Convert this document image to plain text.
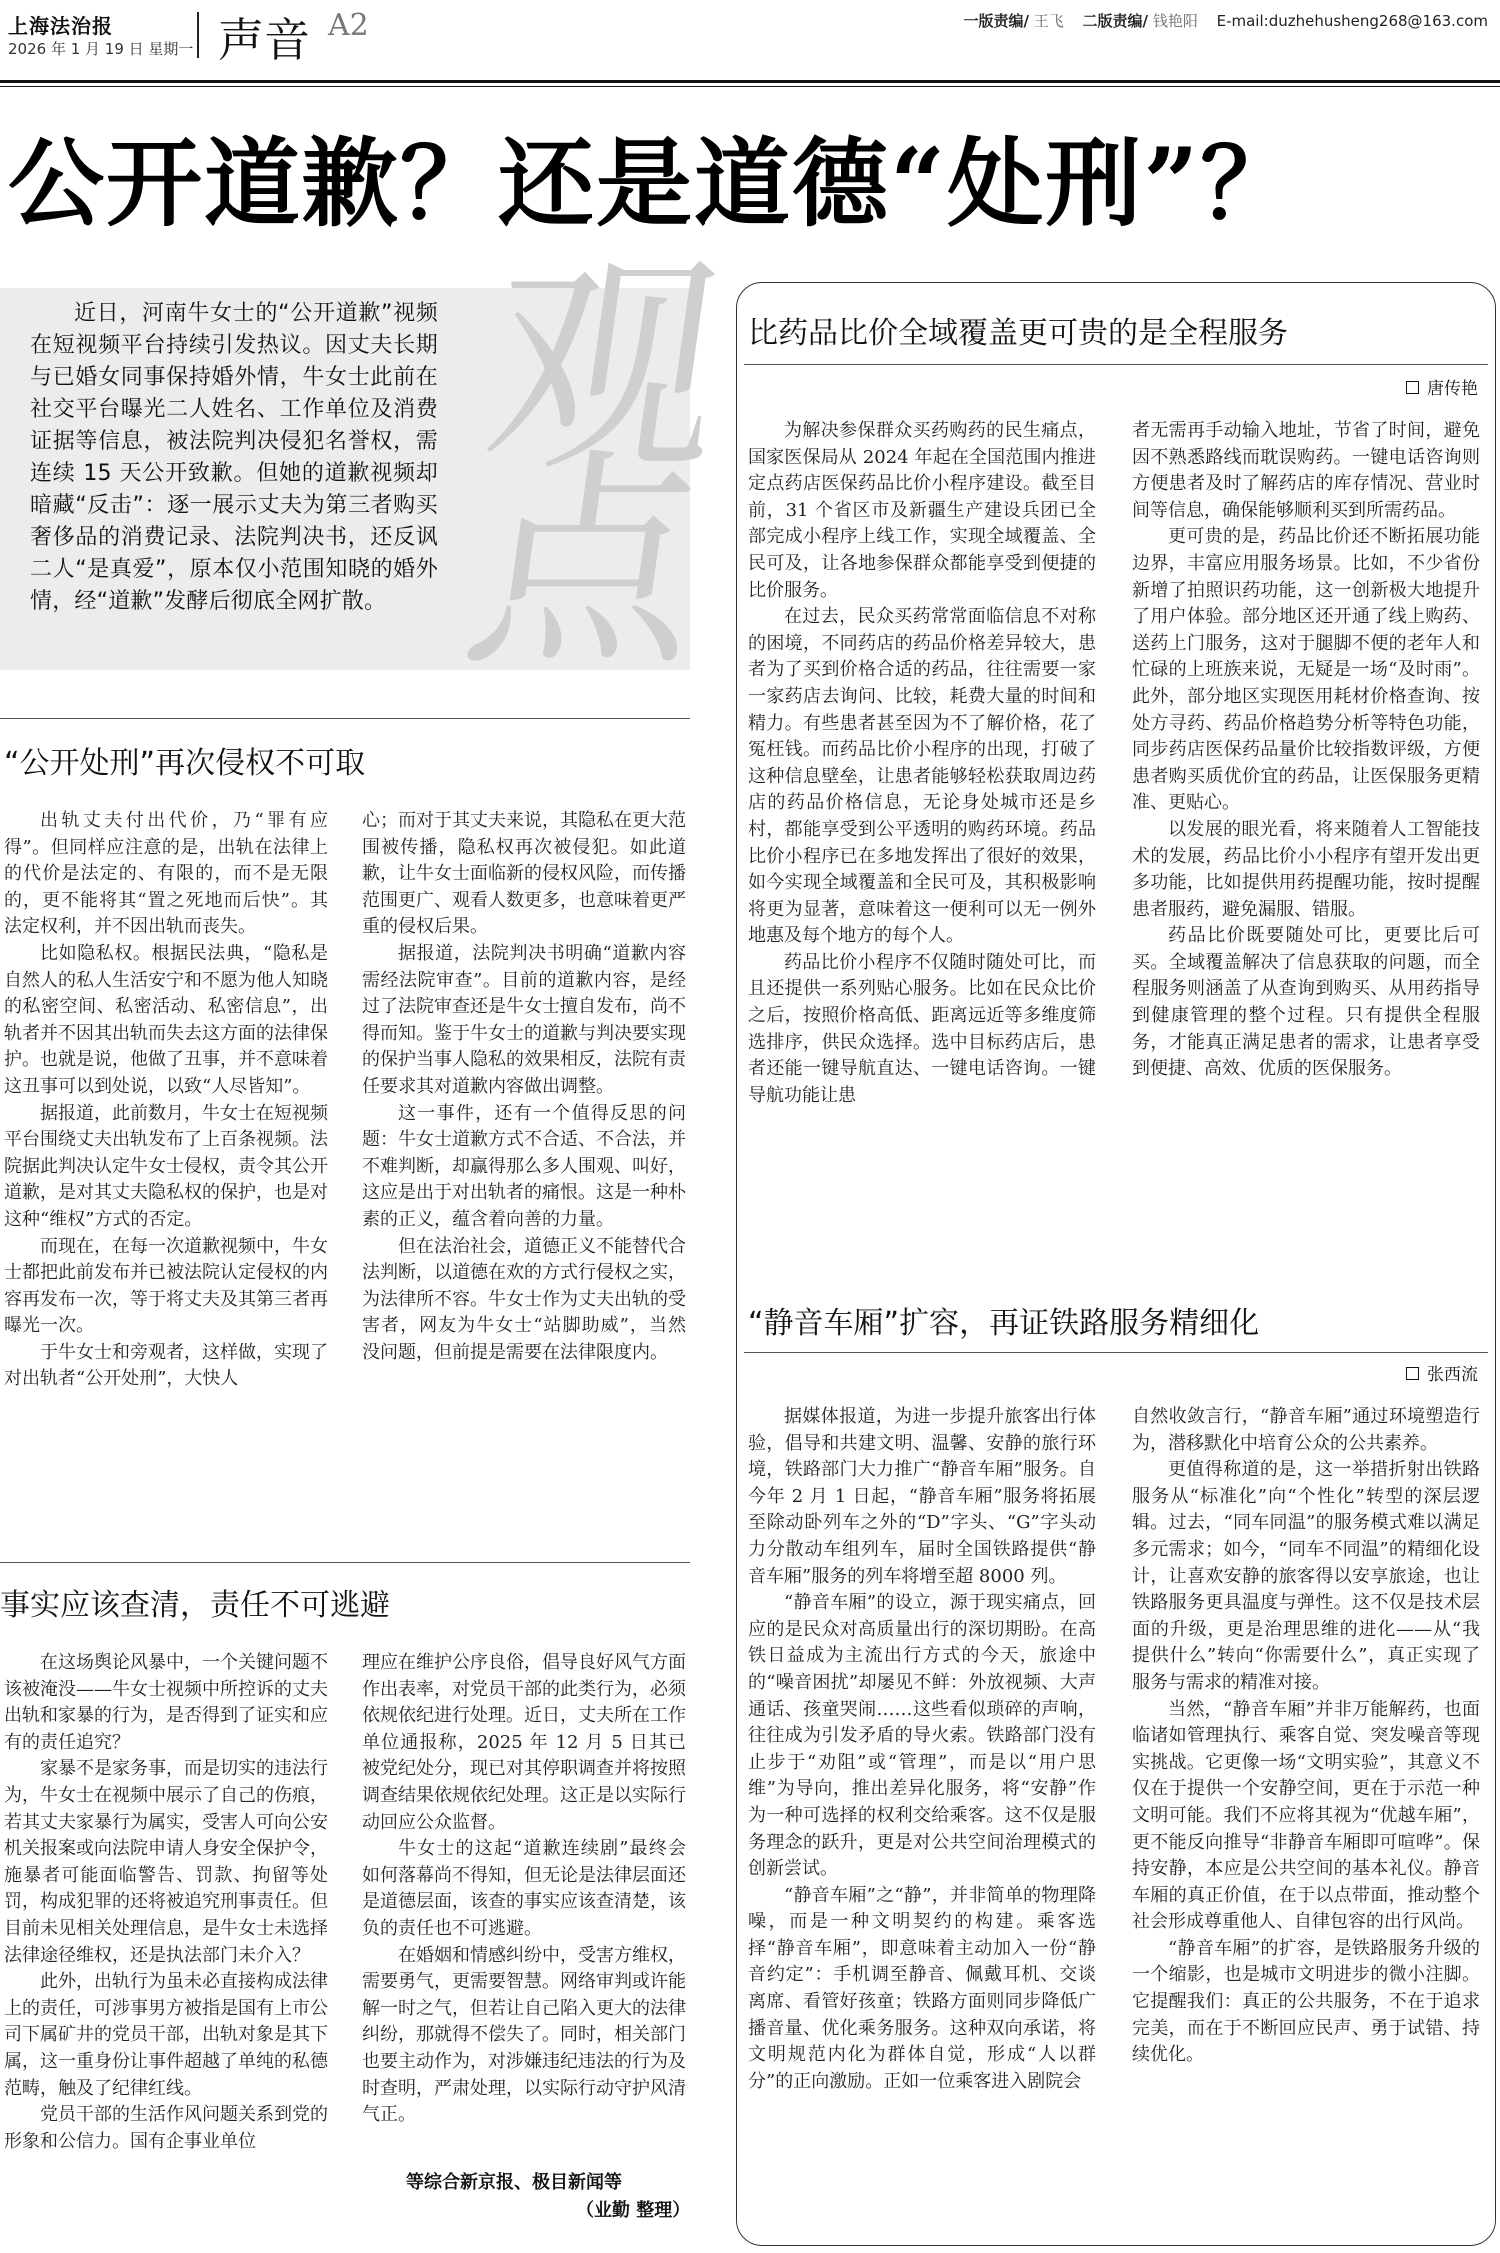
上海法治报
2026 年 1 月 19 日 星期一 声音 A2	一版责编/ 王飞 二版责编/ 钱艳阳 E-mail:duzhehusheng268@163.com
公开道歉？还是道德“处刑”？
观
点
近日，河南牛女士的“公开道歉”视频在短视频平台持续引发热议。因丈夫长期与已婚女同事保持婚外情，牛女士此前在社交平台曝光二人姓名、工作单位及消费证据等信息，被法院判决侵犯名誉权，需连续 15 天公开致歉。但她的道歉视频却暗藏“反击”：逐一展示丈夫为第三者购买奢侈品的消费记录、法院判决书，还反讽二人“是真爱”，原本仅小范围知晓的婚外情，经“道歉”发酵后彻底全网扩散。
“公开处刑”再次侵权不可取

出轨丈夫付出代价，乃“罪有应得”。但同样应注意的是，出轨在法律上的代价是法定的、有限的，而不是无限的，更不能将其“置之死地而后快”。其法定权利，并不因出轨而丧失。

比如隐私权。根据民法典，“隐私是自然人的私人生活安宁和不愿为他人知晓的私密空间、私密活动、私密信息”，出轨者并不因其出轨而失去这方面的法律保护。也就是说，他做了丑事，并不意味着这丑事可以到处说，以致“人尽皆知”。

据报道，此前数月，牛女士在短视频平台围绕丈夫出轨发布了上百条视频。法院据此判决认定牛女士侵权，责令其公开道歉，是对其丈夫隐私权的保护，也是对这种“维权”方式的否定。

而现在，在每一次道歉视频中，牛女士都把此前发布并已被法院认定侵权的内容再发布一次，等于将丈夫及其第三者再曝光一次。

于牛女士和旁观者，这样做，实现了对出轨者“公开处刑”，大快人

心；而对于其丈夫来说，其隐私在更大范围被传播，隐私权再次被侵犯。如此道歉，让牛女士面临新的侵权风险，而传播范围更广、观看人数更多，也意味着更严重的侵权后果。

据报道，法院判决书明确“道歉内容需经法院审查”。目前的道歉内容，是经过了法院审查还是牛女士擅自发布，尚不得而知。鉴于牛女士的道歉与判决要实现的保护当事人隐私的效果相反，法院有责任要求其对道歉内容做出调整。

这一事件，还有一个值得反思的问题：牛女士道歉方式不合适、不合法，并不难判断，却赢得那么多人围观、叫好，这应是出于对出轨者的痛恨。这是一种朴素的正义，蕴含着向善的力量。

但在法治社会，道德正义不能替代合法判断，以道德在欢的方式行侵权之实，为法律所不容。牛女士作为丈夫出轨的受害者，网友为牛女士“站脚助威”，当然没问题，但前提是需要在法律限度内。

事实应该查清，责任不可逃避

在这场舆论风暴中，一个关键问题不该被淹没——牛女士视频中所控诉的丈夫出轨和家暴的行为，是否得到了证实和应有的责任追究？

家暴不是家务事，而是切实的违法行为，牛女士在视频中展示了自己的伤痕，若其丈夫家暴行为属实，受害人可向公安机关报案或向法院申请人身安全保护令，施暴者可能面临警告、罚款、拘留等处罚，构成犯罪的还将被追究刑事责任。但目前未见相关处理信息，是牛女士未选择法律途径维权，还是执法部门未介入？

此外，出轨行为虽未必直接构成法律上的责任，可涉事男方被指是国有上市公司下属矿井的党员干部，出轨对象是其下属，这一重身份让事件超越了单纯的私德范畴，触及了纪律红线。

党员干部的生活作风问题关系到党的形象和公信力。国有企事业单位

理应在维护公序良俗，倡导良好风气方面作出表率，对党员干部的此类行为，必须依规依纪进行处理。近日，丈夫所在工作单位通报称，2025 年 12 月 5 日其已被党纪处分，现已对其停职调查并将按照调查结果依规依纪处理。这正是以实际行动回应公众监督。

牛女士的这起“道歉连续剧”最终会如何落幕尚不得知，但无论是法律层面还是道德层面，该查的事实应该查清楚，该负的责任也不可逃避。

在婚姻和情感纠纷中，受害方维权，需要勇气，更需要智慧。网络审判或许能解一时之气，但若让自己陷入更大的法律纠纷，那就得不偿失了。同时，相关部门也要主动作为，对涉嫌违纪违法的行为及时查明，严肃处理，以实际行动守护风清气正。

等综合新京报、极目新闻等
（业勤 整理）
比药品比价全域覆盖更可贵的是全程服务
唐传艳

为解决参保群众买药购药的民生痛点，国家医保局从 2024 年起在全国范围内推进定点药店医保药品比价小程序建设。截至目前，31 个省区市及新疆生产建设兵团已全部完成小程序上线工作，实现全域覆盖、全民可及，让各地参保群众都能享受到便捷的比价服务。

在过去，民众买药常常面临信息不对称的困境，不同药店的药品价格差异较大，患者为了买到价格合适的药品，往往需要一家一家药店去询问、比较，耗费大量的时间和精力。有些患者甚至因为不了解价格，花了冤枉钱。而药品比价小程序的出现，打破了这种信息壁垒，让患者能够轻松获取周边药店的药品价格信息，无论身处城市还是乡村，都能享受到公平透明的购药环境。药品比价小程序已在多地发挥出了很好的效果，如今实现全域覆盖和全民可及，其积极影响将更为显著，意味着这一便利可以无一例外地惠及每个地方的每个人。

药品比价小程序不仅随时随处可比，而且还提供一系列贴心服务。比如在民众比价之后，按照价格高低、距离远近等多维度筛选排序，供民众选择。选中目标药店后，患者还能一键导航直达、一键电话咨询。一键导航功能让患

者无需再手动输入地址，节省了时间，避免因不熟悉路线而耽误购药。一键电话咨询则方便患者及时了解药店的库存情况、营业时间等信息，确保能够顺利买到所需药品。

更可贵的是，药品比价还不断拓展功能边界，丰富应用服务场景。比如，不少省份新增了拍照识药功能，这一创新极大地提升了用户体验。部分地区还开通了线上购药、送药上门服务，这对于腿脚不便的老年人和忙碌的上班族来说，无疑是一场“及时雨”。此外，部分地区实现医用耗材价格查询、按处方寻药、药品价格趋势分析等特色功能，同步药店医保药品量价比较指数评级，方便患者购买质优价宜的药品，让医保服务更精准、更贴心。

以发展的眼光看，将来随着人工智能技术的发展，药品比价小小程序有望开发出更多功能，比如提供用药提醒功能，按时提醒患者服药，避免漏服、错服。

药品比价既要随处可比，更要比后可买。全域覆盖解决了信息获取的问题，而全程服务则涵盖了从查询到购买、从用药指导到健康管理的整个过程。只有提供全程服务，才能真正满足患者的需求，让患者享受到便捷、高效、优质的医保服务。

“静音车厢”扩容，再证铁路服务精细化
张西流

据媒体报道，为进一步提升旅客出行体验，倡导和共建文明、温馨、安静的旅行环境，铁路部门大力推广“静音车厢”服务。自今年 2 月 1 日起，“静音车厢”服务将拓展至除动卧列车之外的“D”字头、“G”字头动力分散动车组列车，届时全国铁路提供“静音车厢”服务的列车将增至超 8000 列。

“静音车厢”的设立，源于现实痛点，回应的是民众对高质量出行的深切期盼。在高铁日益成为主流出行方式的今天，旅途中的“噪音困扰”却屡见不鲜：外放视频、大声通话、孩童哭闹……这些看似琐碎的声响，往往成为引发矛盾的导火索。铁路部门没有止步于“劝阻”或“管理”，而是以“用户思维”为导向，推出差异化服务，将“安静”作为一种可选择的权利交给乘客。这不仅是服务理念的跃升，更是对公共空间治理模式的创新尝试。

“静音车厢”之“静”，并非简单的物理降噪，而是一种文明契约的构建。乘客选择“静音车厢”，即意味着主动加入一份“静音约定”：手机调至静音、佩戴耳机、交谈离席、看管好孩童；铁路方面则同步降低广播音量、优化乘务服务。这种双向承诺，将文明规范内化为群体自觉，形成“人以群分”的正向激励。正如一位乘客进入剧院会

自然收敛言行，“静音车厢”通过环境塑造行为，潜移默化中培育公众的公共素养。

更值得称道的是，这一举措折射出铁路服务从“标准化”向“个性化”转型的深层逻辑。过去，“同车同温”的服务模式难以满足多元需求；如今，“同车不同温”的精细化设计，让喜欢安静的旅客得以安享旅途，也让铁路服务更具温度与弹性。这不仅是技术层面的升级，更是治理思维的进化——从“我提供什么”转向“你需要什么”，真正实现了服务与需求的精准对接。

当然，“静音车厢”并非万能解药，也面临诸如管理执行、乘客自觉、突发噪音等现实挑战。它更像一场“文明实验”，其意义不仅在于提供一个安静空间，更在于示范一种文明可能。我们不应将其视为“优越车厢”，更不能反向推导“非静音车厢即可喧哗”。保持安静，本应是公共空间的基本礼仪。静音车厢的真正价值，在于以点带面，推动整个社会形成尊重他人、自律包容的出行风尚。

“静音车厢”的扩容，是铁路服务升级的一个缩影，也是城市文明进步的微小注脚。它提醒我们：真正的公共服务，不在于追求完美，而在于不断回应民声、勇于试错、持续优化。
